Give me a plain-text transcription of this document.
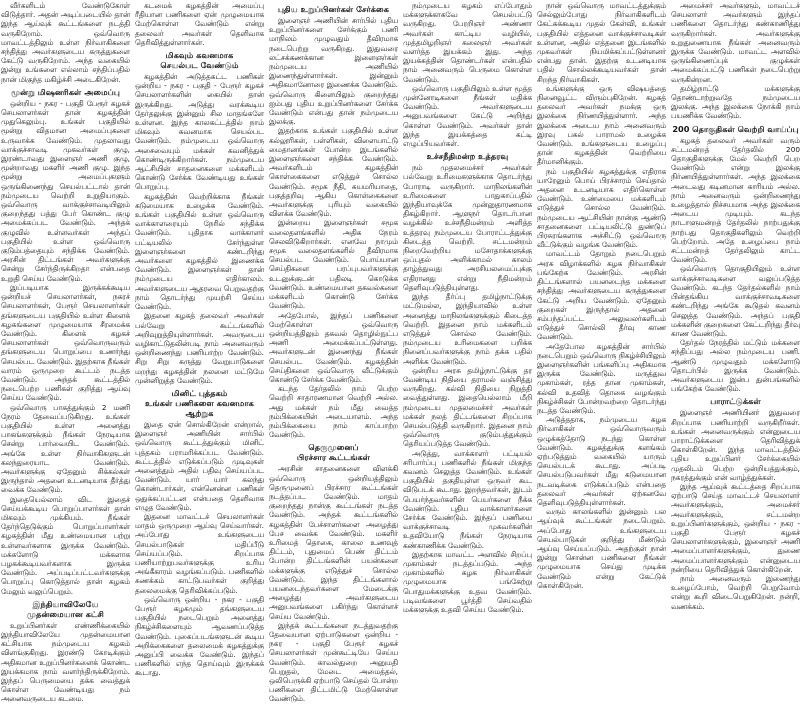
வீர்களிடம் வேண்டுகோள் விடுத்தார். அதன் அடிப்படையில் தான் இந்த ஆய்வுக் கூட்டங்களை நடத்தி வருகிறோம். ஒவ்வொரு மாவட்டத்திலும் உள்ள நிர்வாகிகளை சந்தித்து அவர்களுடைய கருத்துகளை கேட்டு வருகிறோம். அந்த வகையில் இன்று உங்களை எல்லாம் சந்திப்பதில் நான் மிகுந்த மகிழ்ச்சி அடைகிறேன்.

மூன்று மிஷனரிகள் அமைப்பு

ஒன்றிய - நகர - பகுதி பேரூர் கழகச் செயலாளர்கள் தான் கழகத்தின் முதுகெலும்பு. உங்கள் பகுதியில் மூன்று விதமான அமைப்புகளை உருவாக்க வேண்டும். முதலாவது வாக்குச்சாவடி முகவர்கள் குழு, இரண்டாவது இளைஞர் அணி குழு, மூன்றாவது மகளிர் அணி குழு. இந்த மூன்று அமைப்புகளும் ஒருங்கிணைந்து செயல்பட்டால் தான் நம்முடைய வெற்றி உறுதியாகும். ஒவ்வொரு வாக்குச்சாவடியிலும் குறைந்தது பத்து பேர் கொண்ட குழு அமைக்கப்பட வேண்டும். அந்தக் குழுவில் உள்ளவர்கள் அந்தப் பகுதியில் உள்ள ஒவ்வொரு குடும்பத்தையும் சந்திக்க வேண்டும். அரசின் திட்டங்கள் அவர்களுக்கு சென்று சேர்ந்திருக்கிறதா என்பதை உறுதி செய்ய வேண்டும்.

இப்படியாக இருக்கக்கூடிய ஒன்றியச் செயலாளர்கள், நகரச் செயலாளர்கள், பேரூர் செயலாளர்கள் தங்களுடைய பகுதியில் உள்ள கிளைக் கழகங்களை முழுமையாக சீரமைக்க வேண்டும். கிளைக் கழகச் செயலாளர்கள் ஒவ்வொருவரும் தங்களுடைய பொறுப்பை உணர்ந்து செயல்பட வேண்டும். இதற்காக நீங்கள் வாரம் ஒருமுறை கூட்டம் நடத்த வேண்டும். அந்தக் கூட்டத்தில் நடைபெற்ற பணிகள் குறித்து ஆய்வு செய்ய வேண்டும்.

ஒவ்வொரு பாகத்துக்கும் 2 மணி நேரம் தேவைப்படுகிறது. உங்கள் பகுதியில் உள்ள அனைத்து பாகங்களுக்கும் நீங்கள் நேரடியாக சென்று பார்வையிட வேண்டும். அங்கே உள்ள நிர்வாகிகளுடன் கலந்துரையாட வேண்டும். அவர்களுக்கு ஏதேனும் சிக்கல்கள் இருந்தால் அதனை உடனடியாக தீர்த்து வைக்க வேண்டும்.

இதையெல்லாம் விட இதைச் செய்யக்கூடிய பொறுப்பாளர்கள் தான் மிகவும் முக்கியம். நீங்கள் தேர்ந்தெடுக்கும் பொறுப்பாளர்கள் கழகத்தின் மீது உண்மையான பற்று உள்ளவர்களாக இருக்க வேண்டும். மக்களோடு மக்களாக பழகக்கூடியவர்களாக இருக்க வேண்டும். அப்படிப்பட்டவர்களுக்கு பொறுப்பு கொடுத்தால் தான் கழகம் மேலும் வலுப்பெறும்.

இந்தியாவிலேயே
முதன்மையான கட்சி

உறுப்பினர்கள் எண்ணிக்கையில் இந்தியாவிலேயே முதன்மையான கட்சியாக நம்முடைய கழகம் விளங்குகிறது. இரண்டு கோடிக்கும் அதிகமான உறுப்பினர்களைக் கொண்ட இயக்கமாக நாம் வளர்ந்திருக்கிறோம். இந்தப் பெருமையை தக்க வைத்துக் கொள்ள வேண்டியது நம் அனைவருடைய கடமை.

கடமைக் கழகத்தின் அமைப்பு ரீதியான பணிகளை ஏன் முழுமையாக மேற்கொள்ள வேண்டும் என்று தலைவர் அவர்கள் தெளிவாக தெரிவித்துள்ளார்கள்.

மிகவும் கவனமாக
செயல்பட வேண்டும்

கழகத்தின் அடுத்தகட்ட பணிகள் ஒன்றிய - நகர - பகுதி - பேரூர் கழகச் செயலாளர்களின் கையில் தான் இருக்கிறது. அடுத்து வரக்கூடிய தேர்தலுக்கு இன்னும் சில மாதங்களே உள்ளன. இந்த காலகட்டத்தில் நாம் மிகவும் கவனமாக செயல்பட வேண்டும். நம்முடைய ஒவ்வொரு அசைவையும் மக்கள் கவனித்துக் கொண்டிருக்கிறார்கள். நம்முடைய ஆட்சியின் சாதனைகளை மக்களிடம் கொண்டு சேர்க்க வேண்டியது உங்கள் பொறுப்பு.

கழகத்தின் வெற்றிக்காக நீங்கள் கடுமையாக உழைக்க வேண்டும். உங்கள் பகுதியில் உள்ள ஒவ்வொரு வாக்காளரையும் நேரில் சந்திக்க வேண்டும். புதிதாக வாக்காளர் பட்டியலில் சேர்ந்துள்ள இளைஞர்களை கண்டறிந்து அவர்களை கழகத்தில் இணைக்க வேண்டும். இளைஞர்கள் தான் நம்முடைய எதிர்காலம். அவர்களுடைய ஆதரவை பெறுவதற்கு நாம் தொடர்ந்து முயற்சி செய்ய வேண்டும்.

இதனை கழகத் தலைவர் அவர்கள் பல்வேறு கூட்டங்களில் அறிவுறுத்தியுள்ளார்கள். அவருடைய வழிகாட்டுதலின்படி நாம் அனைவரும் ஒன்றிணைந்து பணியாற்ற வேண்டும். சிறு சிறு கருத்து வேறுபாடுகளை மறந்து கழகத்தின் நலனை மட்டுமே முன்னிறுத்த வேண்டும்.

மினிட் புத்தகம்
உங்கள் பணிகளை கவனமாக ஆற்றுக

இதை ஏன் சொல்கிறேன் என்றால், இளைஞர் அணியின் சார்பில் ஒவ்வொரு கூட்டத்துக்கும் மினிட் புத்தகம் பராமரிக்கப்பட வேண்டும். கூட்டத்தில் எடுக்கப்படும் முடிவுகள் அனைத்தும் அதில் பதிவு செய்யப்பட வேண்டும். யார் யார் கலந்து கொண்டார்கள், என்னென்ன பணிகள் ஒதுக்கப்பட்டன என்பதை தெளிவாக எழுத வேண்டும்.

இதனை மாவட்டச் செயலாளர்கள் மாதம் ஒருமுறை ஆய்வு செய்வார்கள். அப்போது உங்களுடைய செயல்பாடுகள் மதிப்பீடு செய்யப்படும். சிறப்பாக பணியாற்றுபவர்களுக்கு உரிய அங்கீகாரம் வழங்கப்படும். பணிகளில் சுணக்கம் காட்டுபவர்கள் குறித்து தலைமைக்கு தெரிவிக்கப்படும்.

ஒவ்வொரு ஒன்றிய - நகர - பகுதி பேரூர் கழகமும் தங்களுடைய பகுதியில் நடைபெறும் அனைத்து நிகழ்ச்சிகளையும் ஆவணப்படுத்த வேண்டும். புகைப்படங்களுடன் கூடிய அறிக்கைகளை தலைமைக் கழகத்துக்கு அனுப்பி வைக்க வேண்டும். இந்தப் பணிகளில் எந்த தொய்வும் இருக்கக் கூடாது.

புதிய உறுப்பினர்கள் சேர்க்கை

இளைஞர் அணியின் சார்பில் புதிய உறுப்பினர்களை சேர்க்கும் பணி மாநிலம் முழுவதும் தீவிரமாக நடைபெற்று வருகிறது. இதுவரை லட்சக்கணக்கான இளைஞர்கள் நம்முடைய அணியில் இணைந்துள்ளார்கள். இன்னும் அதிகமானோரை இணைக்க வேண்டும். ஒவ்வொரு கிளையிலும் குறைந்தது ஐம்பது புதிய உறுப்பினர்களை சேர்க்க வேண்டும் என்பது தான் நம்முடைய இலக்கு.

இதற்காக உங்கள் பகுதியில் உள்ள கல்லூரிகள், பள்ளிகள், விளையாட்டு மைதானங்கள் போன்ற இடங்களில் இளைஞர்களை சந்திக்க வேண்டும். அவர்களிடம் கழகத்தின் கொள்கைகளை எடுத்துச் சொல்ல வேண்டும். சமூக நீதி, சுயமரியாதை, பகுத்தறிவு ஆகிய கொள்கைகளை அவர்களுக்கு புரியும் வகையில் விளக்க வேண்டும்.

இன்றைய இளைஞர்கள் சமூக வலைதளங்களில் அதிக நேரம் செலவிடுகிறார்கள். எனவே நாமும் சமூக வலைதளங்களில் தீவிரமாக செயல்பட வேண்டும். பொய்யான செய்திகளை பரப்புபவர்களுக்கு உடனுக்குடன் பதிலடி கொடுக்க வேண்டும். உண்மையான தகவல்களை மக்களிடம் கொண்டு சேர்க்க வேண்டும்.

அதேபோல், இந்தப் பணிகளை மேற்கொள்ள ஒவ்வொரு ஒன்றியத்திலும் தகவல் தொழில்நுட்ப அணி அமைக்கப்பட்டுள்ளது. அவர்களுடன் இணைந்து நீங்கள் செயல்பட வேண்டும். கழகத்தின் செய்திகளை ஒவ்வொரு வீட்டுக்கும் கொண்டு சேர்க்க வேண்டும்.

கடந்த தேர்தலில் நாம் பெற்ற வெற்றி சாதாரணமான வெற்றி அல்ல. அது மக்கள் நம் மீது வைத்த நம்பிக்கையின் அடையாளம். அந்த நம்பிக்கையை நாம் காப்பாற்ற வேண்டும்.

தெருமுனைப்
பிரச்சார கூட்டங்கள்

அரசின் சாதனைகளை விளக்கி ஒவ்வொரு ஒன்றியத்திலும் தெருமுனைப் பிரச்சார கூட்டங்கள் நடத்தப்பட வேண்டும். மாதம் குறைந்தது நான்கு கூட்டங்கள் நடத்த வேண்டும். அந்தக் கூட்டங்களில் கழகத்தின் பேச்சாளர்களை அழைத்து பேச வைக்க வேண்டும். மகளிர் உரிமைத் தொகை, காலை உணவுத் திட்டம், புதுமைப் பெண் திட்டம் போன்ற திட்டங்களின் பயன்களை மக்களுக்கு எடுத்துச் சொல்ல வேண்டும். இந்த திட்டங்களால் பயனடைந்தவர்களை மேடைக்கு அழைத்து அவர்களுடைய அனுபவங்களை பகிர்ந்து கொள்ளச் செய்ய வேண்டும்.

இந்தக் கூட்டங்களை நடத்துவதற்கு தேவையான ஏற்பாடுகளை ஒன்றிய - நகர - பகுதி பேரூர் கழகச் செயலாளர்கள் முன்கூட்டியே செய்ய வேண்டும். காவல்துறை அனுமதி பெறுதல், மேடை அமைத்தல், ஒலிபெருக்கி ஏற்பாடு செய்தல் போன்ற பணிகளை திட்டமிட்டு மேற்கொள்ள வேண்டும்.

நம்முடைய கழகம் எப்போதும் மக்களுக்காகவே செயல்பட்டு வருகிறது. பேரறிஞர் அண்ணா அவர்கள் காட்டிய வழியில், முத்தமிழறிஞர் கலைஞர் அவர்கள் வளர்த்த இயக்கம் இது. அந்த இயக்கத்தின் தொண்டர்கள் என்பதில் நாம் அனைவரும் பெருமை கொள்ள வேண்டும்.

ஒவ்வொரு பகுதியிலும் உள்ள மூத்த முன்னோடிகளை நீங்கள் மதிக்க வேண்டும். அவர்களுடைய அனுபவங்களை கேட்டு அறிந்து கொள்ள வேண்டும். அவர்கள் தான் இந்த இயக்கத்தை கட்டி எழுப்பியவர்கள்.

உச்சநீதிமன்ற உத்தரவு

நம் முதலமைச்சர் அவர்கள் பல்வேறு உரிமைகளுக்காக தொடர்ந்து போராடி வருகிறார். மாநிலங்களின் உரிமைகளை பாதுகாப்பதில் இந்தியாவுக்கே முன்னுதாரணமாக திகழ்கிறார். ஆளுநர் தொடர்பான வழக்கில் உச்சநீதிமன்றம் அளித்த உத்தரவு நம்முடைய போராட்டத்துக்கு கிடைத்த வெற்றி. சட்டமன்றம் நிறைவேற்றிய மசோதாக்களுக்கு ஒப்புதல் அளிக்காமல் காலம் தாழ்த்துவது அரசியலமைப்புக்கு எதிரானது என்று நீதிமன்றம் தெளிவுபடுத்தியுள்ளது.

இந்த தீர்ப்பு தமிழ்நாட்டுக்கு மட்டுமல்ல, இந்தியாவில் உள்ள அனைத்து மாநிலங்களுக்கும் கிடைத்த வெற்றி. இதனை நாம் மக்களிடம் எடுத்துச் சொல்ல வேண்டும். நம்முடைய உரிமைகளை பறிக்க நினைப்பவர்களுக்கு நாம் தக்க பதில் அளிக்க வேண்டும்.

ஒன்றிய அரசு தமிழ்நாட்டுக்கு தர வேண்டிய நிதியை தராமல் வஞ்சித்து வருகிறது. கல்வி நிதியை நிறுத்தி வைத்துள்ளது. இதையெல்லாம் மீறி நம்முடைய முதலமைச்சர் அவர்கள் மக்கள் நலத் திட்டங்களை சிறப்பாக செயல்படுத்தி வருகிறார். இதனை நாம் ஒவ்வொரு குடும்பத்துக்கும் தெரியப்படுத்த வேண்டும்.

அடுத்து, வாக்காளர் பட்டியல் சரிபார்ப்பு பணிகளில் நீங்கள் மிகுந்த கவனம் செலுத்த வேண்டும். உங்கள் பகுதியில் தகுதியுள்ள ஒருவர் கூட விடுபடக் கூடாது. இறந்தவர்கள், இடம் பெயர்ந்தவர்களின் பெயர்களை நீக்க வேண்டும். புதிய வாக்காளர்களை சேர்க்க வேண்டும். இந்தப் பணியை வாக்குச்சாவடி முகவர்களின் உதவியோடு நீங்கள் நேரடியாக கண்காணிக்க வேண்டும்.

இதற்காக மாவட்ட அளவில் சிறப்பு முகாம்கள் நடத்தப்படும். அந்த முகாம்களில் கழக நிர்வாகிகள் முழுமையாக பங்கேற்று பொதுமக்களுக்கு உதவ வேண்டும். படிவங்களை பூர்த்தி செய்வதில் மக்களுக்கு உதவி செய்ய வேண்டும்.

நான் ஒவ்வொரு மாவட்டத்துக்கும் செல்லும்போது நிர்வாகிகளிடம் கேட்கக்கூடிய முதல் கேள்வி, உங்கள் பகுதியில் எத்தனை வாக்குச்சாவடிகள் உள்ளன, அதில் எத்தனை இடங்களில் முகவர்கள் நியமிக்கப்பட்டுள்ளனர் என்பது தான். இதற்கு உடனடியாக பதில் சொல்லக்கூடியவர்கள் தான் சிறந்த நிர்வாகிகள்.

உங்களுக்கு ஒரு விஷயத்தை நினைவூட்ட விரும்புகிறேன். கழகத் தலைவர் அவர்கள் நமக்கு ஒரு இலக்கை நிர்ணயித்துள்ளார். அந்த இலக்கை அடைய நாம் அனைவரும் இரவு பகல் பாராமல் உழைக்க வேண்டும். உங்களுடைய உழைப்பு தான் கழகத்தின் வெற்றியை தீர்மானிக்கும்.

நம் பகுதியில் கழகத்துக்கு எதிராக யாரேனும் பொய் பிரச்சாரம் செய்தால் அதனை உடனடியாக எதிர்கொள்ள வேண்டும். உண்மையை மக்களிடம் எடுத்துச் சொல்ல வேண்டும். நம்முடைய ஆட்சியின் நான்கு ஆண்டு சாதனைகளை பட்டியலிட்டு துண்டுப் பிரசுரங்களாக அச்சிட்டு ஒவ்வொரு வீட்டுக்கும் வழங்க வேண்டும்.

மாவட்டம் தோறும் நடைபெறும் அரசு விழாக்களில் கழக நிர்வாகிகள் பங்கேற்க வேண்டும். அரசின் திட்டங்களால் பயனடைந்த மக்களை சந்தித்து அவர்களுடைய கருத்துகளை கேட்டு அறிய வேண்டும். ஏதேனும் குறைகள் இருந்தால் அதனை சம்பந்தப்பட்ட அலுவலர்களிடம் எடுத்துச் சொல்லி தீர்வு காண வேண்டும்.

அதேபோல கழகத்தின் சார்பில் நடைபெறும் ஒவ்வொரு நிகழ்ச்சியிலும் இளைஞர்களின் பங்களிப்பு அதிகமாக இருக்க வேண்டும். மருத்துவ முகாம்கள், ரத்த தான முகாம்கள், கல்வி உதவித் தொகை வழங்கும் நிகழ்ச்சிகள் போன்றவற்றை தொடர்ந்து நடத்த வேண்டும்.

அடுத்ததாக, நம்முடைய கழக நிர்வாகிகள் ஒவ்வொருவரும் ஒழுக்கத்தோடு நடந்து கொள்ள வேண்டும். கழகத்துக்கு களங்கம் ஏற்படுத்தும் வகையில் யாரும் செயல்படக் கூடாது. அப்படி செயல்படுபவர்கள் மீது கடுமையான நடவடிக்கை எடுக்கப்படும் என்பதை தலைவர் அவர்கள் ஏற்கனவே தெளிவுபடுத்தியுள்ளார்கள்.

வரும் காலங்களில் இன்னும் பல ஆய்வுக் கூட்டங்கள் நடைபெறும். அப்போது உங்களுடைய செயல்பாடுகள் குறித்து மீண்டும் ஆய்வு செய்யப்படும். அதற்குள் நான் இன்று சொன்ன பணிகளை நீங்கள் முழுமையாக செய்து முடிக்க வேண்டும் என்று கேட்டுக் கொள்கிறேன்.

அமைச்சர் அவர்களும், மாவட்டச் செயலாளர் அவர்களும் இந்தப் பணிகளை தொடர்ந்து கண்காணித்து வருகிறார்கள். அவர்களுக்கு உறுதுணையாக நீங்கள் அனைவரும் இருக்க வேண்டும். மாவட்ட அளவில் ஒருங்கிணைப்புக் குழுக்கள் அமைக்கப்பட்டு பணிகள் நடைபெற்று வருகின்றன.

தமிழ்நாட்டு மக்களுக்கு தொண்டாற்றுவதே நம்முடைய இலக்கு. அந்த இலக்கை நோக்கி நாம் பயணிக்க வேண்டும்.

200 தொகுதிகள் வெற்றி வாய்ப்பு

கழகத் தலைவர் அவர்கள் வரும் சட்டமன்றத் தேர்தலில் 200 தொகுதிகளுக்கு மேல் வெற்றி பெற வேண்டும் என்று இலக்கு நிர்ணயித்துள்ளார்கள். அந்த இலக்கை அடைவது கடினமான காரியம் அல்ல. நாம் அனைவரும் ஒன்றிணைந்து உழைத்தால் நிச்சயமாக அந்த இலக்கை அடைய முடியும். கடந்த நாடாளுமன்றத் தேர்தலில் நாற்பதுக்கு நாற்பது தொகுதிகளிலும் வெற்றி பெற்றோம். அதே உழைப்பை நாம் சட்டமன்றத் தேர்தலிலும் காட்ட வேண்டும்.

ஒவ்வொரு தொகுதியிலும் உள்ள வாக்குச்சாவடிகளை வலுப்படுத்த வேண்டும். கடந்த தேர்தல்களில் நாம் பின்தங்கிய வாக்குச்சாவடிகளை கண்டறிந்து அங்கே கூடுதல் கவனம் செலுத்த வேண்டும். அந்தப் பகுதி மக்களின் குறைகளை கேட்டறிந்து தீர்வு காண வேண்டும்.

தேர்தல் நேரத்தில் மட்டும் மக்களை சந்திப்பது அல்ல நம்முடைய பணி. ஆண்டு முழுவதும் மக்களோடு தொடர்பில் இருக்க வேண்டும். அவர்களுடைய இன்ப துன்பங்களில் பங்கேற்க வேண்டும்.

பாராட்டுக்கள்

இளைஞர் அணியினர் இதுவரை சிறப்பாக பணியாற்றி வருகிறீர்கள். உங்கள் அனைவருக்கும் என்னுடைய பாராட்டுக்களை தெரிவித்துக் கொள்கிறேன். இந்த மாவட்டத்தில் புதிய உறுப்பினர் சேர்க்கையில் முதலிடம் பெற்ற ஒன்றியத்துக்கும், நகரத்துக்கும் என் வாழ்த்துக்கள்.

இந்த ஆய்வுக் கூட்டத்தை சிறப்பாக ஏற்பாடு செய்த மாவட்டச் செயலாளர் அவர்களுக்கும், அமைச்சர் அவர்களுக்கும், சட்டமன்ற உறுப்பினர்களுக்கும், ஒன்றிய - நகர - பகுதி பேரூர் கழகச் செயலாளர்களுக்கும், இளைஞர் அணி அமைப்பாளர்களுக்கும், துணை அமைப்பாளர்களுக்கும் என்னுடைய நன்றியை தெரிவித்துக் கொள்கிறேன்.

நாம் அனைவரும் இணைந்து உழைப்போம், வெற்றி பெறுவோம் என்று கூறி விடைபெறுகிறேன். நன்றி, வணக்கம்.
